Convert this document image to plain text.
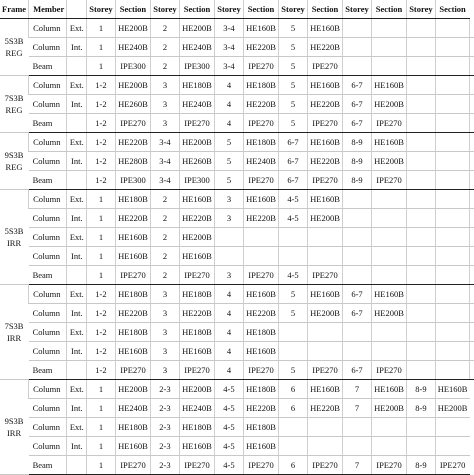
Frame	Member		Storey	Section	Storey	Section	Storey	Section	Storey	Section	Storey	Section	Storey	Section	

5S3B
REG	Column	Ext.	1	HE200B	2	HE200B	3-4	HE160B	5	HE160B					
	Column	Int.	1	HE240B	2	HE240B	3-4	HE220B	5	HE220B					
	Beam		1	IPE300	2	IPE300	3-4	IPE270	5	IPE270					

7S3B
REG	Column	Ext.	1-2	HE200B	3	HE180B	4	HE180B	5	HE160B	6-7	HE160B			
	Column	Int.	1-2	HE260B	3	HE240B	4	HE220B	5	HE220B	6-7	HE200B			
	Beam		1-2	IPE270	3	IPE270	4	IPE270	5	IPE270	6-7	IPE270			

9S3B
REG	Column	Ext.	1-2	HE220B	3-4	HE200B	5	HE180B	6-7	HE160B	8-9	HE160B			
	Column	Int.	1-2	HE280B	3-4	HE260B	5	HE240B	6-7	HE220B	8-9	HE200B			
	Beam		1-2	IPE300	3-4	IPE300	5	IPE270	6-7	IPE270	8-9	IPE270			

5S3B
IRR	Column	Ext.	1	HE180B	2	HE160B	3	HE160B	4-5	HE160B					
	Column	Int.	1	HE220B	2	HE220B	3	HE220B	4-5	HE200B					
	Column	Ext.	1	HE160B	2	HE200B									
	Column	Int.	1	HE160B	2	HE160B									
	Beam		1	IPE270	2	IPE270	3	IPE270	4-5	IPE270					

7S3B
IRR	Column	Ext.	1-2	HE180B	3	HE180B	4	HE160B	5	HE160B	6-7	HE160B			
	Column	Int.	1-2	HE220B	3	HE220B	4	HE220B	5	HE200B	6-7	HE200B			
	Column	Ext.	1-2	HE180B	3	HE180B	4	HE180B							
	Column	Int.	1-2	HE160B	3	HE160B	4	HE160B							
	Beam		1-2	IPE270	3	IPE270	4	IPE270	5	IPE270	6-7	IPE270			

9S3B
IRR	Column	Ext.	1	HE200B	2-3	HE200B	4-5	HE180B	6	HE160B	7	HE160B	8-9	HE160B	
	Column	Int.	1	HE240B	2-3	HE240B	4-5	HE220B	6	HE220B	7	HE200B	8-9	HE200B	
	Column	Ext.	1	HE180B	2-3	HE180B	4-5	HE180B							
	Column	Int.	1	HE160B	2-3	HE160B	4-5	HE160B							
	Beam		1	IPE270	2-3	IPE270	4-5	IPE270	6	IPE270	7	IPE270	8-9	IPE270	
